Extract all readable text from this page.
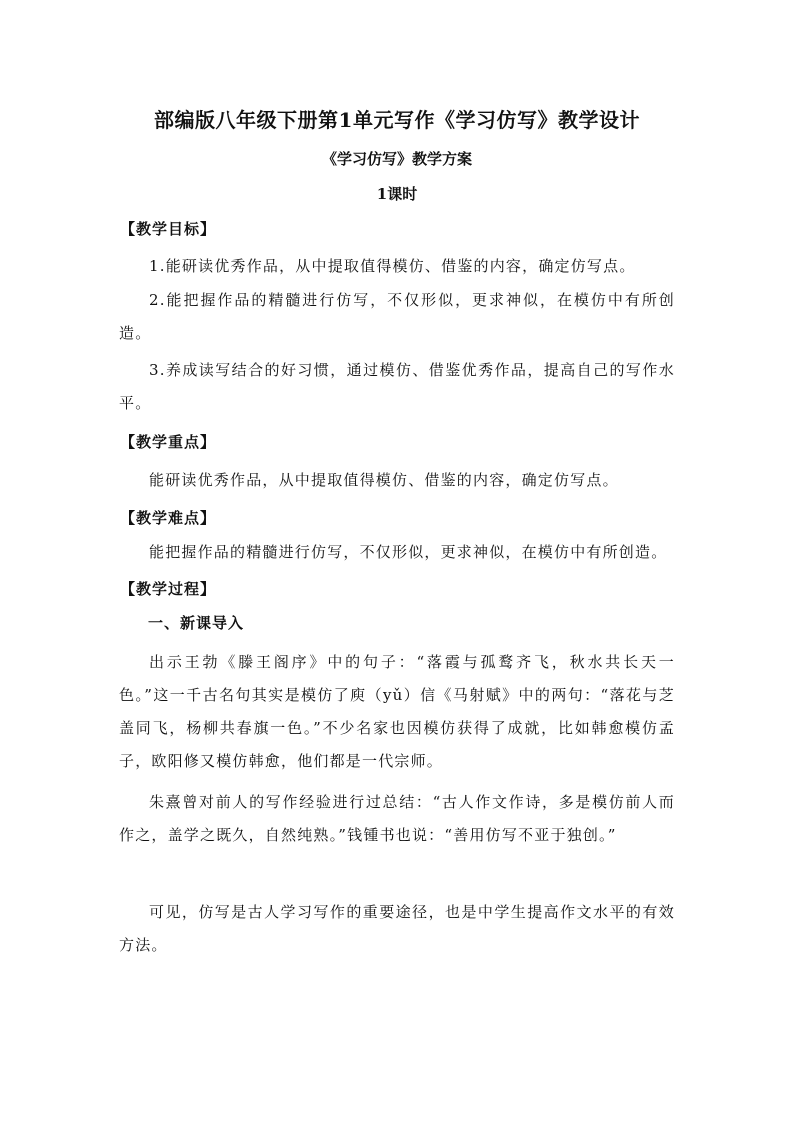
部编版八年级下册第1单元写作《学习仿写》教学设计
《学习仿写》教学方案
1课时
【教学目标】
1.能研读优秀作品，从中提取值得模仿、借鉴的内容，确定仿写点。
2.能把握作品的精髓进行仿写，不仅形似，更求神似，在模仿中有所创造。
3.养成读写结合的好习惯，通过模仿、借鉴优秀作品，提高自己的写作水平。
【教学重点】
能研读优秀作品，从中提取值得模仿、借鉴的内容，确定仿写点。
【教学难点】
能把握作品的精髓进行仿写，不仅形似，更求神似，在模仿中有所创造。
【教学过程】
一、新课导入
出示王勃《滕王阁序》中的句子：“落霞与孤鹜齐飞，秋水共长天一色。”这一千古名句其实是模仿了庾（yǔ）信《马射赋》中的两句：“落花与芝盖同飞，杨柳共春旗一色。”不少名家也因模仿获得了成就，比如韩愈模仿孟子，欧阳修又模仿韩愈，他们都是一代宗师。
朱熹曾对前人的写作经验进行过总结：“古人作文作诗，多是模仿前人而作之，盖学之既久，自然纯熟。”钱锺书也说：“善用仿写不亚于独创。”
可见，仿写是古人学习写作的重要途径，也是中学生提高作文水平的有效方法。
